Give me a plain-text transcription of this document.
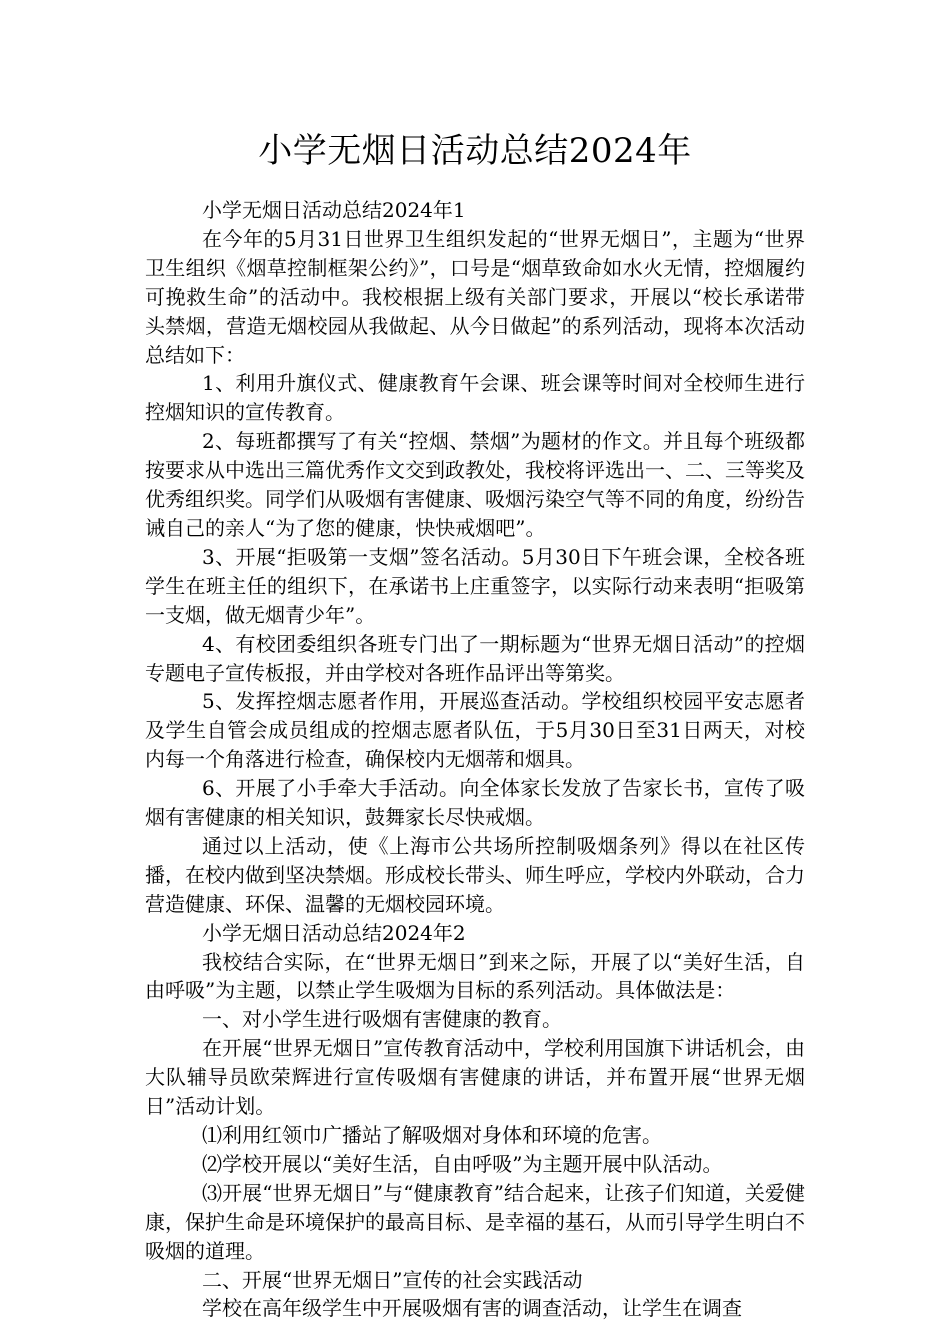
小学无烟日活动总结2024年

小学无烟日活动总结2024年1

在今年的5月31日世界卫生组织发起的“世界无烟日”，主题为“世界卫生组织《烟草控制框架公约》”，口号是“烟草致命如水火无情，控烟履约可挽救生命”的活动中。我校根据上级有关部门要求，开展以“校长承诺带头禁烟，营造无烟校园从我做起、从今日做起”的系列活动，现将本次活动总结如下：

1、利用升旗仪式、健康教育午会课、班会课等时间对全校师生进行控烟知识的宣传教育。

2、每班都撰写了有关“控烟、禁烟”为题材的作文。并且每个班级都按要求从中选出三篇优秀作文交到政教处，我校将评选出一、二、三等奖及优秀组织奖。同学们从吸烟有害健康、吸烟污染空气等不同的角度，纷纷告诫自己的亲人“为了您的健康，快快戒烟吧”。

3、开展“拒吸第一支烟”签名活动。5月30日下午班会课，全校各班学生在班主任的组织下，在承诺书上庄重签字，以实际行动来表明“拒吸第一支烟，做无烟青少年”。

4、有校团委组织各班专门出了一期标题为“世界无烟日活动”的控烟专题电子宣传板报，并由学校对各班作品评出等第奖。

5、发挥控烟志愿者作用，开展巡查活动。学校组织校园平安志愿者及学生自管会成员组成的控烟志愿者队伍，于5月30日至31日两天，对校内每一个角落进行检查，确保校内无烟蒂和烟具。

6、开展了小手牵大手活动。向全体家长发放了告家长书，宣传了吸烟有害健康的相关知识，鼓舞家长尽快戒烟。

通过以上活动，使《上海市公共场所控制吸烟条列》得以在社区传播，在校内做到坚决禁烟。形成校长带头、师生呼应，学校内外联动，合力营造健康、环保、温馨的无烟校园环境。

小学无烟日活动总结2024年2

我校结合实际，在“世界无烟日”到来之际，开展了以“美好生活，自由呼吸”为主题，以禁止学生吸烟为目标的系列活动。具体做法是：

一、对小学生进行吸烟有害健康的教育。

在开展“世界无烟日”宣传教育活动中，学校利用国旗下讲话机会，由大队辅导员欧荣辉进行宣传吸烟有害健康的讲话，并布置开展“世界无烟日”活动计划。

⑴利用红领巾广播站了解吸烟对身体和环境的危害。

⑵学校开展以“美好生活，自由呼吸”为主题开展中队活动。

⑶开展“世界无烟日”与“健康教育”结合起来，让孩子们知道，关爱健康，保护生命是环境保护的最高目标、是幸福的基石，从而引导学生明白不吸烟的道理。

二、开展“世界无烟日”宣传的社会实践活动

学校在高年级学生中开展吸烟有害的调查活动，让学生在调查
